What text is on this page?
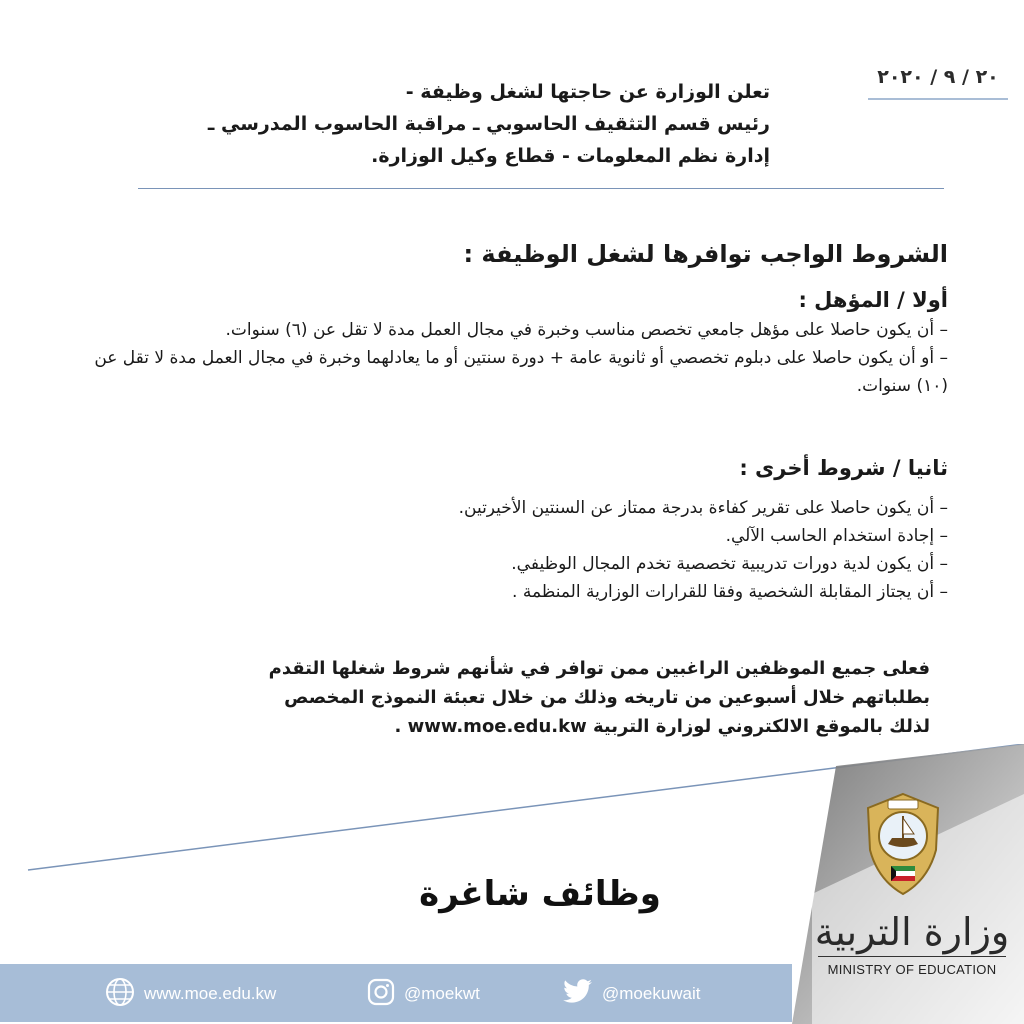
٢٠ / ٩ / ٢٠٢٠
تعلن الوزارة عن حاجتها لشغل وظيفة -
رئيس قسم التثقيف الحاسوبي ـ مراقبة الحاسوب المدرسي ـ
إدارة نظم المعلومات - قطاع وكيل الوزارة.
الشروط الواجب توافرها لشغل الوظيفة :
أولا / المؤهل :
– أن يكون حاصلا على مؤهل جامعي تخصص مناسب وخبرة في مجال العمل مدة لا تقل عن (٦) سنوات.
– أو أن يكون حاصلا على دبلوم تخصصي أو ثانوية عامة + دورة سنتين أو ما يعادلهما وخبرة في مجال العمل مدة لا تقل عن (١٠) سنوات.
ثانيا / شروط أخرى :
– أن يكون حاصلا على تقرير كفاءة بدرجة ممتاز عن السنتين الأخيرتين.
– إجادة استخدام الحاسب الآلي.
– أن يكون لدية دورات تدريبية تخصصية تخدم المجال الوظيفي.
– أن يجتاز المقابلة الشخصية وفقا للقرارات الوزارية المنظمة .
فعلى جميع الموظفين الراغبين ممن توافر في شأنهم شروط شغلها التقدم
بطلباتهم خلال أسبوعين من تاريخه وذلك من خلال تعبئة النموذج المخصص
لذلك بالموقع الالكتروني لوزارة التربية www.moe.edu.kw .
وظائف شاغرة
www.moe.edu.kw	@moekwt	@moekuwait
وزارة التربية
MINISTRY OF EDUCATION
